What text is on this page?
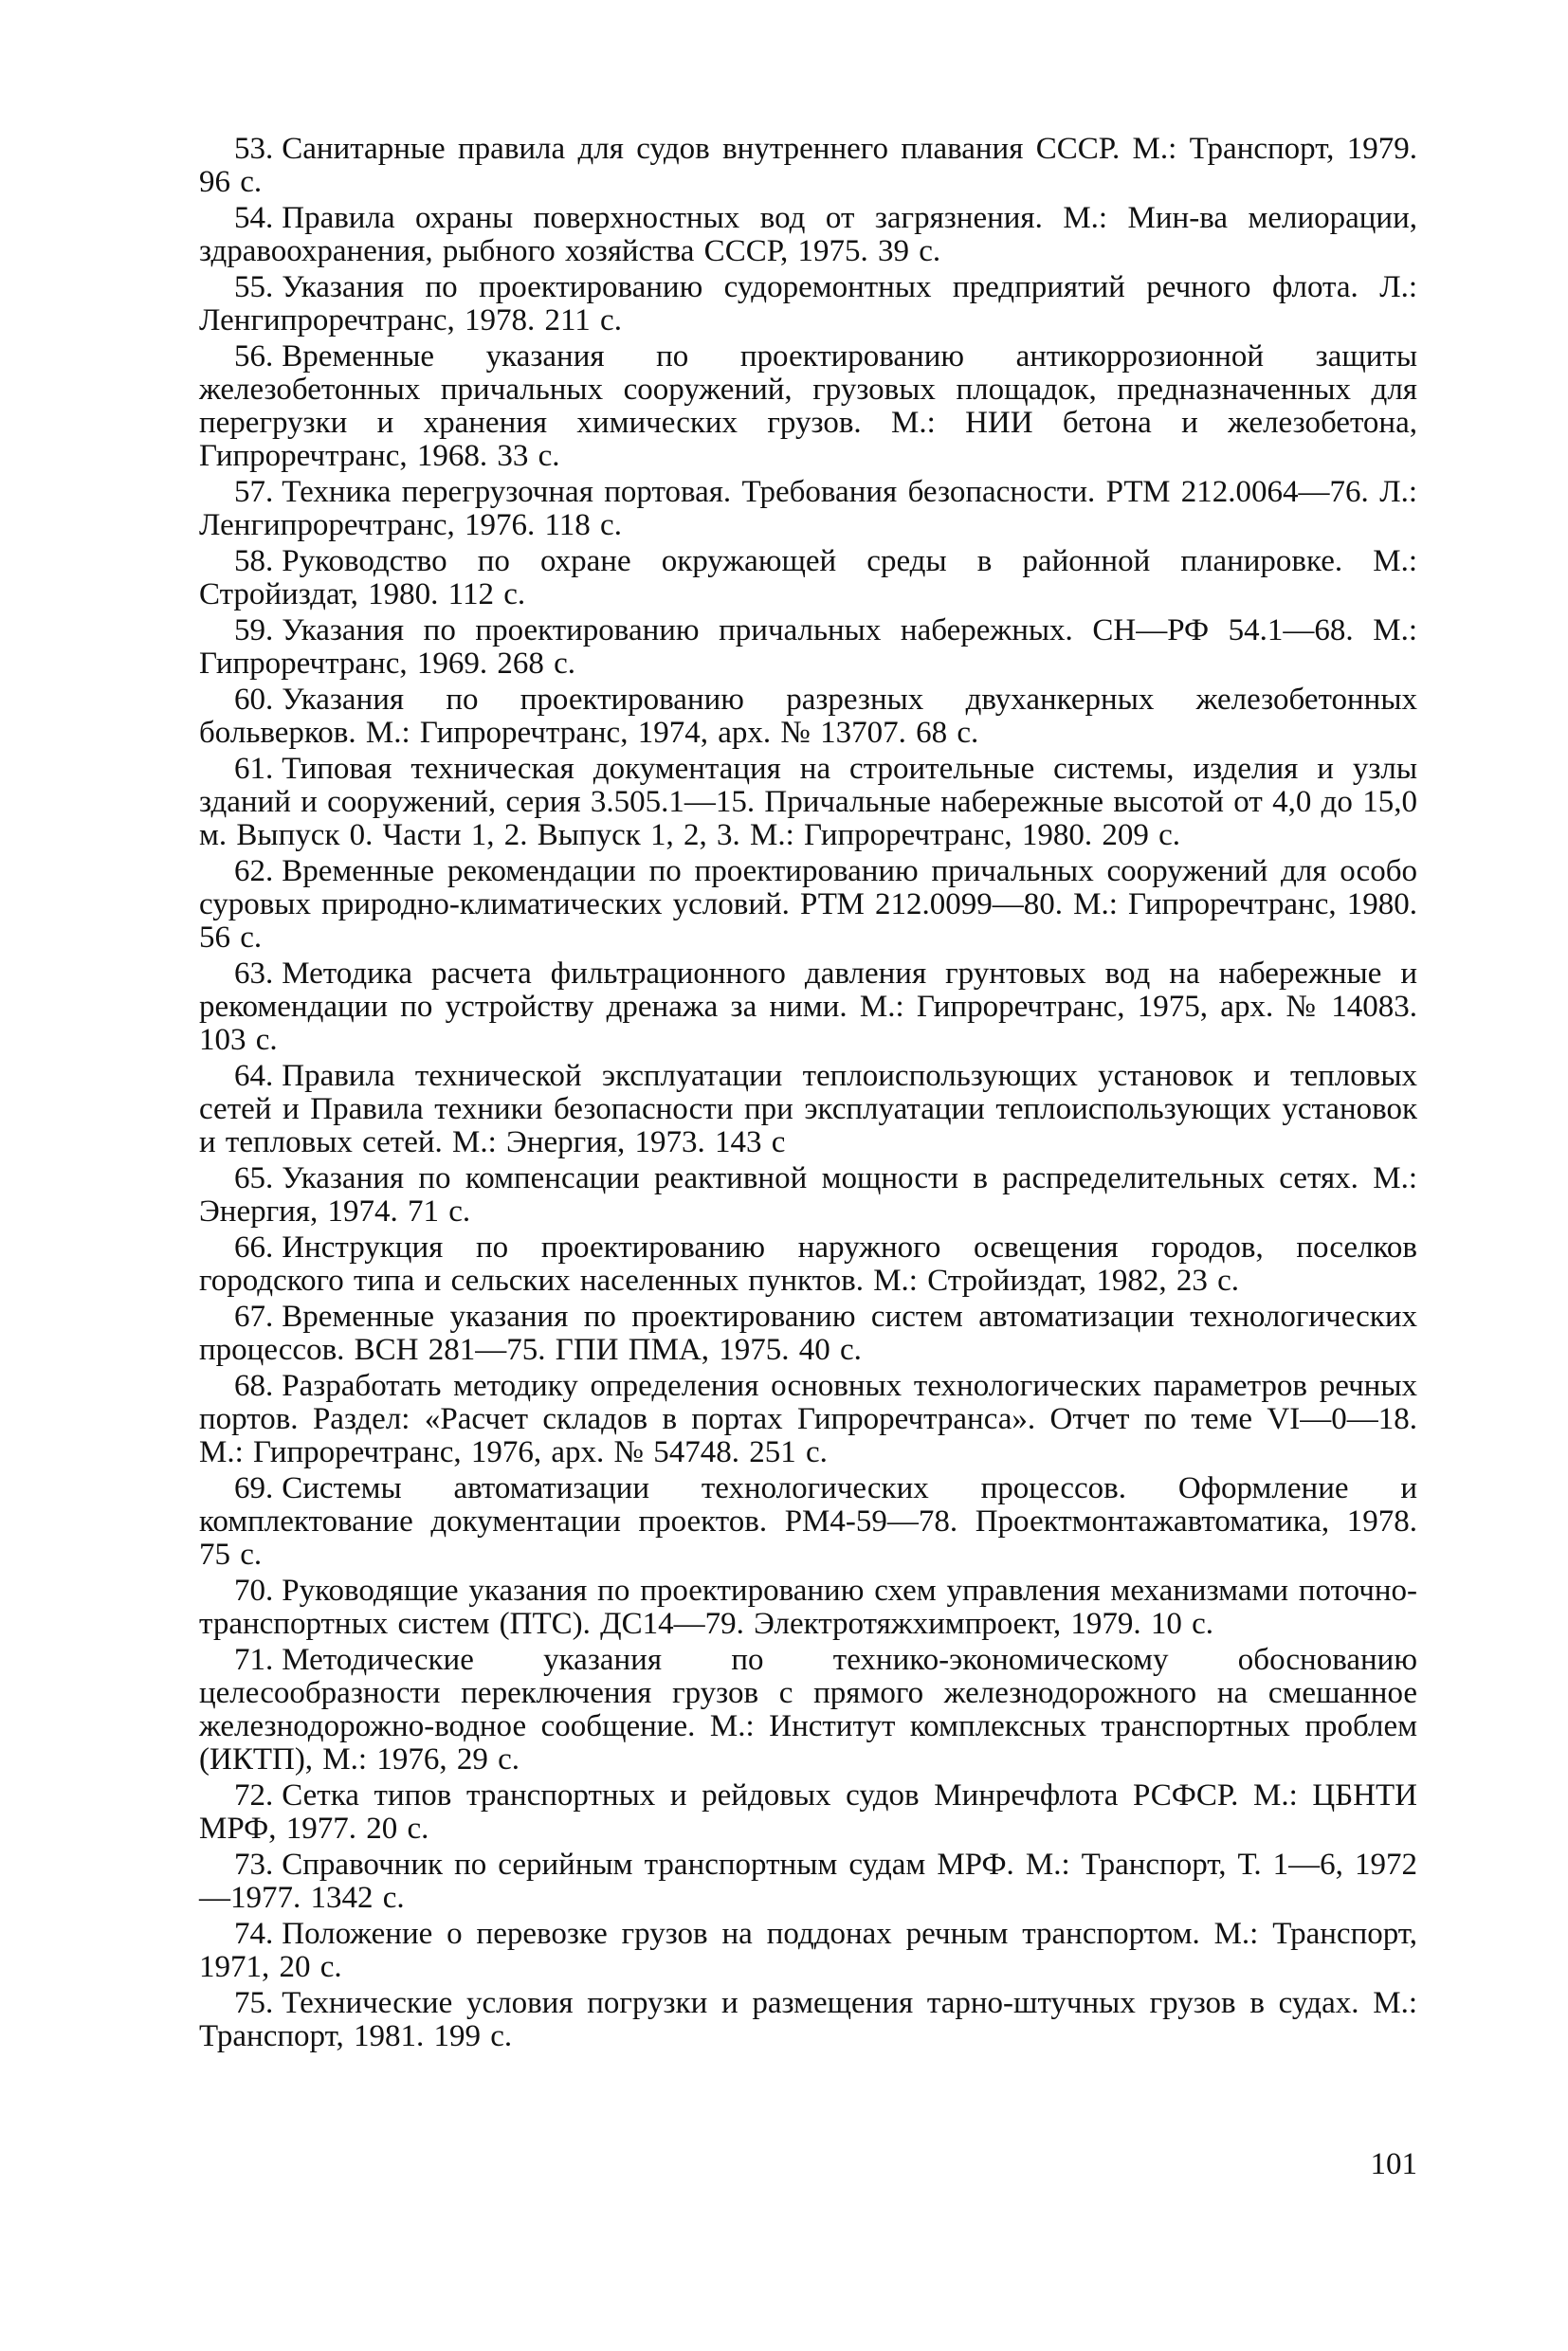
53. Санитарные правила для судов внутреннего плавания СССР. М.: Транспорт, 1979. 96 с.
54. Правила охраны поверхностных вод от загрязнения. М.: Мин-ва мелиорации, здравоохранения, рыбного хозяйства СССР, 1975. 39 с.
55. Указания по проектированию судоремонтных предприятий речного флота. Л.: Ленгипроречтранс, 1978. 211 с.
56. Временные указания по проектированию антикоррозионной защиты железобетонных причальных сооружений, грузовых площадок, предназначенных для перегрузки и хранения химических грузов. М.: НИИ бетона и железобетона, Гипроречтранс, 1968. 33 с.
57. Техника перегрузочная портовая. Требования безопасности. РТМ 212.0064—76. Л.: Ленгипроречтранс, 1976. 118 с.
58. Руководство по охране окружающей среды в районной планировке. М.: Стройиздат, 1980. 112 с.
59. Указания по проектированию причальных набережных. СН—РФ 54.1—68. М.: Гипроречтранс, 1969. 268 с.
60. Указания по проектированию разрезных двуханкерных железобетонных больверков. М.: Гипроречтранс, 1974, арх. № 13707. 68 с.
61. Типовая техническая документация на строительные системы, изделия и узлы зданий и сооружений, серия 3.505.1—15. Причальные набережные высотой от 4,0 до 15,0 м. Выпуск 0. Части 1, 2. Выпуск 1, 2, 3. М.: Гипроречтранс, 1980. 209 с.
62. Временные рекомендации по проектированию причальных сооружений для особо суровых природно-климатических условий. РТМ 212.0099—80. М.: Гипроречтранс, 1980. 56 с.
63. Методика расчета фильтрационного давления грунтовых вод на набережные и рекомендации по устройству дренажа за ними. М.: Гипроречтранс, 1975, арх. № 14083. 103 с.
64. Правила технической эксплуатации теплоиспользующих установок и тепловых сетей и Правила техники безопасности при эксплуатации теплоиспользующих установок и тепловых сетей. М.: Энергия, 1973. 143 с
65. Указания по компенсации реактивной мощности в распределительных сетях. М.: Энергия, 1974. 71 с.
66. Инструкция по проектированию наружного освещения городов, поселков городского типа и сельских населенных пунктов. М.: Стройиздат, 1982, 23 с.
67. Временные указания по проектированию систем автоматизации технологических процессов. ВСН 281—75. ГПИ ПМА, 1975. 40 с.
68. Разработать методику определения основных технологических параметров речных портов. Раздел: «Расчет складов в портах Гипроречтранса». Отчет по теме VI—0—18. М.: Гипроречтранс, 1976, арх. № 54748. 251 с.
69. Системы автоматизации технологических процессов. Оформление и комплектование документации проектов. РМ4-59—78. Проектмонтажавтоматика, 1978. 75 с.
70. Руководящие указания по проектированию схем управления механизмами поточно-транспортных систем (ПТС). ДС14—79. Электротяжхимпроект, 1979. 10 с.
71. Методические указания по технико-экономическому обоснованию целесообразности переключения грузов с прямого железнодорожного на смешанное железнодорожно-водное сообщение. М.: Институт комплексных транспортных проблем (ИКТП), М.: 1976, 29 с.
72. Сетка типов транспортных и рейдовых судов Минречфлота РСФСР. М.: ЦБНТИ МРФ, 1977. 20 с.
73. Справочник по серийным транспортным судам МРФ. М.: Транспорт, Т. 1—6, 1972—1977. 1342 с.
74. Положение о перевозке грузов на поддонах речным транспортом. М.: Транспорт, 1971, 20 с.
75. Технические условия погрузки и размещения тарно-штучных грузов в судах. М.: Транспорт, 1981. 199 с.
101
